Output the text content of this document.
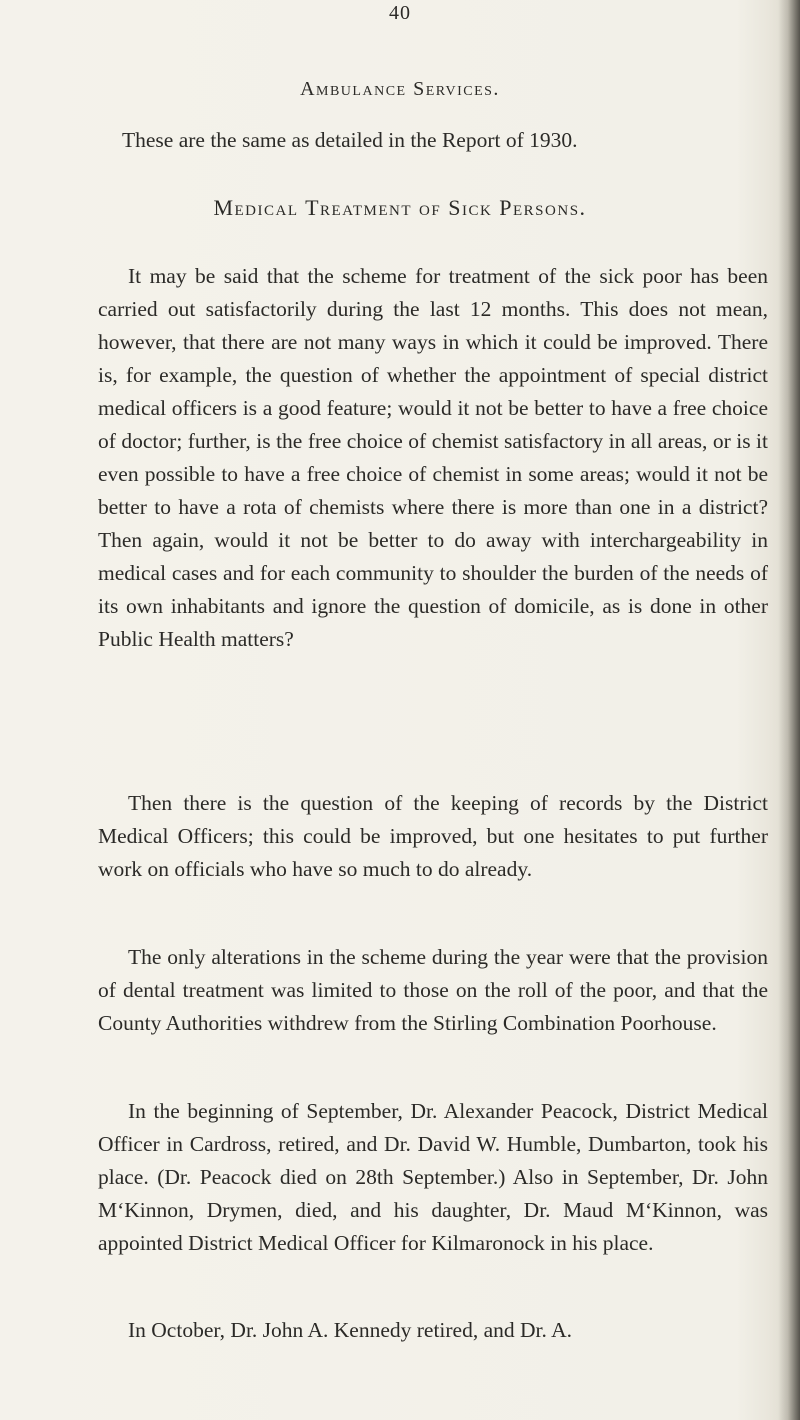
40
Ambulance Services.

These are the same as detailed in the Report of 1930.

Medical Treatment of Sick Persons.

It may be said that the scheme for treatment of the sick poor has been carried out satisfactorily during the last 12 months. This does not mean, however, that there are not many ways in which it could be improved. There is, for example, the question of whether the appointment of special district medical officers is a good feature; would it not be better to have a free choice of doctor; further, is the free choice of chemist satisfactory in all areas, or is it even possible to have a free choice of chemist in some areas; would it not be better to have a rota of chemists where there is more than one in a district? Then again, would it not be better to do away with interchargeability in medical cases and for each community to shoulder the burden of the needs of its own inhabitants and ignore the question of domicile, as is done in other Public Health matters?

Then there is the question of the keeping of records by the District Medical Officers; this could be improved, but one hesitates to put further work on officials who have so much to do already.

The only alterations in the scheme during the year were that the provision of dental treatment was limited to those on the roll of the poor, and that the County Authorities withdrew from the Stirling Combination Poorhouse.

In the beginning of September, Dr. Alexander Peacock, District Medical Officer in Cardross, retired, and Dr. David W. Humble, Dumbarton, took his place. (Dr. Peacock died on 28th September.) Also in September, Dr. John M‘Kinnon, Drymen, died, and his daughter, Dr. Maud M‘Kinnon, was appointed District Medical Officer for Kilmaronock in his place.

In October, Dr. John A. Kennedy retired, and Dr. A.
